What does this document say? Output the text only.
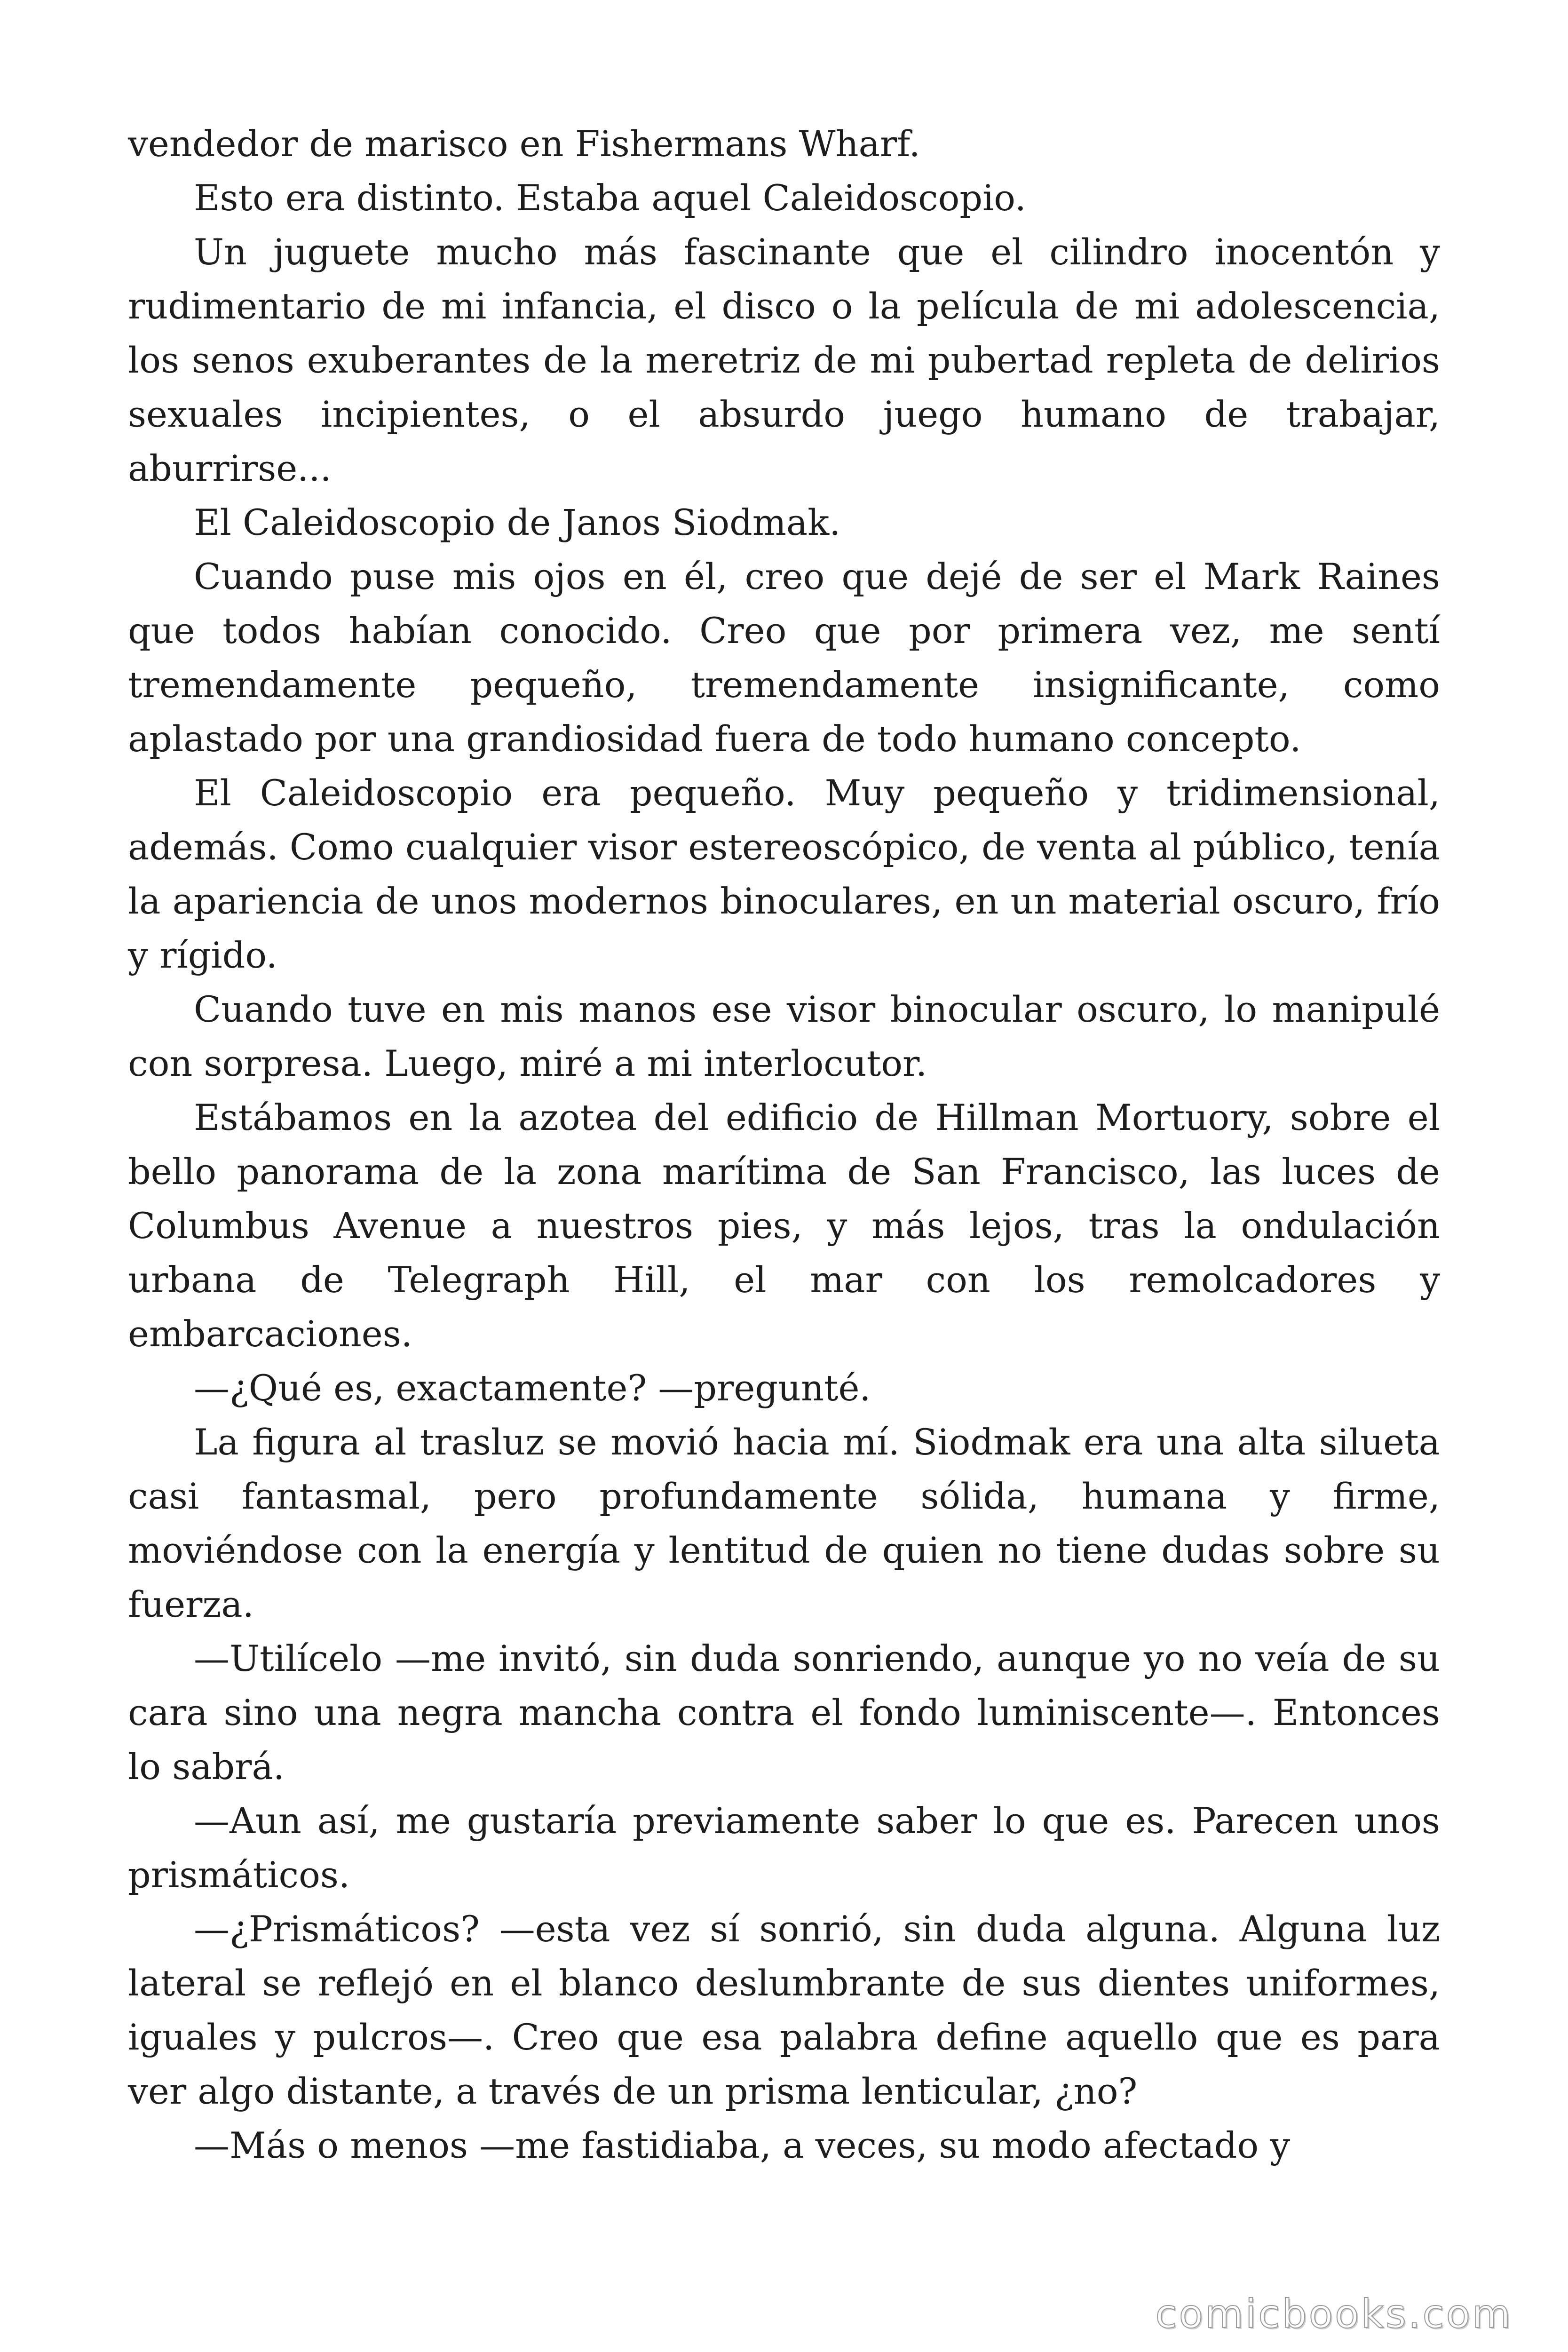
vendedor de marisco en Fishermans Wharf.

Esto era distinto. Estaba aquel Caleidoscopio.

Un juguete mucho más fascinante que el cilindro inocentón y rudimentario de mi infancia, el disco o la película de mi adolescencia, los senos exuberantes de la meretriz de mi pubertad repleta de delirios sexuales incipientes, o el absurdo juego humano de trabajar, aburrirse...

El Caleidoscopio de Janos Siodmak.

Cuando puse mis ojos en él, creo que dejé de ser el Mark Raines que todos habían conocido. Creo que por primera vez, me sentí tremendamente pequeño, tremendamente insignificante, como aplastado por una grandiosidad fuera de todo humano concepto.

El Caleidoscopio era pequeño. Muy pequeño y tridimensional, además. Como cualquier visor estereoscópico, de venta al público, tenía la apariencia de unos modernos binoculares, en un material oscuro, frío y rígido.

Cuando tuve en mis manos ese visor binocular oscuro, lo manipulé con sorpresa. Luego, miré a mi interlocutor.

Estábamos en la azotea del edificio de Hillman Mortuory, sobre el bello panorama de la zona marítima de San Francisco, las luces de Columbus Avenue a nuestros pies, y más lejos, tras la ondulación urbana de Telegraph Hill, el mar con los remolcadores y embarcaciones.

—¿Qué es, exactamente? —pregunté.

La figura al trasluz se movió hacia mí. Siodmak era una alta silueta casi fantasmal, pero profundamente sólida, humana y firme, moviéndose con la energía y lentitud de quien no tiene dudas sobre su fuerza.

—Utilícelo —me invitó, sin duda sonriendo, aunque yo no veía de su cara sino una negra mancha contra el fondo luminiscente—. Entonces lo sabrá.

—Aun así, me gustaría previamente saber lo que es. Parecen unos prismáticos.

—¿Prismáticos? —esta vez sí sonrió, sin duda alguna. Alguna luz lateral se reflejó en el blanco deslumbrante de sus dientes uniformes, iguales y pulcros—. Creo que esa palabra define aquello que es para ver algo distante, a través de un prisma lenticular, ¿no?

—Más o menos —me fastidiaba, a veces, su modo afectado y

comicbooks.com
